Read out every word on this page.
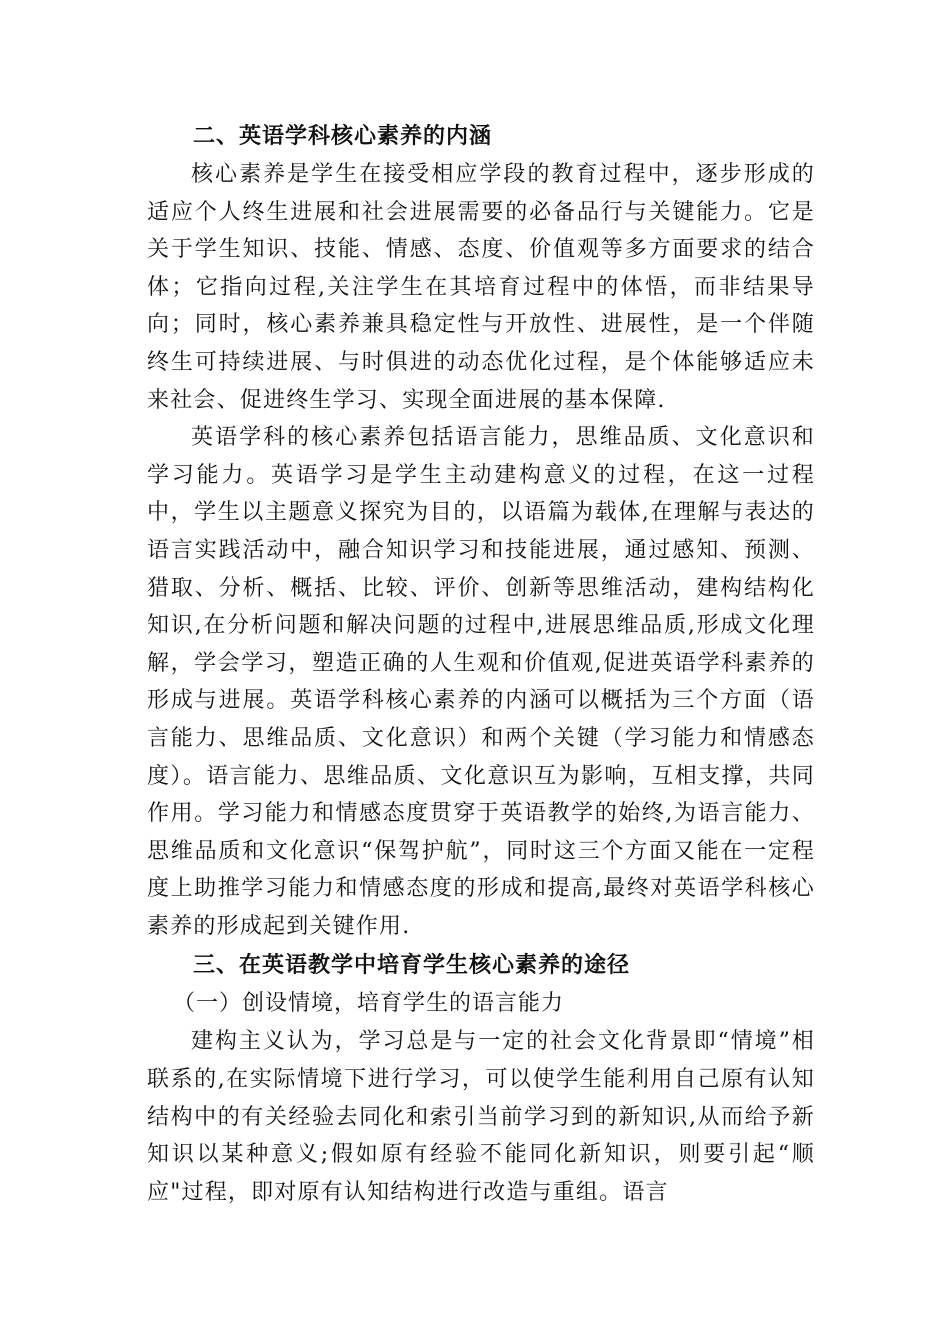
二、英语学科核心素养的内涵

核心素养是学生在接受相应学段的教育过程中，逐步形成的适应个人终生进展和社会进展需要的必备品行与关键能力。它是关于学生知识、技能、情感、态度、价值观等多方面要求的结合体；它指向过程,关注学生在其培育过程中的体悟，而非结果导向；同时，核心素养兼具稳定性与开放性、进展性，是一个伴随终生可持续进展、与时俱进的动态优化过程，是个体能够适应未来社会、促进终生学习、实现全面进展的基本保障.

英语学科的核心素养包括语言能力，思维品质、文化意识和学习能力。英语学习是学生主动建构意义的过程，在这一过程中，学生以主题意义探究为目的，以语篇为载体,在理解与表达的语言实践活动中，融合知识学习和技能进展，通过感知、预测、猎取、分析、概括、比较、评价、创新等思维活动，建构结构化知识,在分析问题和解决问题的过程中,进展思维品质,形成文化理解，学会学习，塑造正确的人生观和价值观,促进英语学科素养的形成与进展。英语学科核心素养的内涵可以概括为三个方面（语言能力、思维品质、文化意识）和两个关键（学习能力和情感态度）。语言能力、思维品质、文化意识互为影响，互相支撑，共同作用。学习能力和情感态度贯穿于英语教学的始终,为语言能力、思维品质和文化意识“保驾护航”，同时这三个方面又能在一定程度上助推学习能力和情感态度的形成和提高,最终对英语学科核心素养的形成起到关键作用.

三、在英语教学中培育学生核心素养的途径
（一）创设情境，培育学生的语言能力

建构主义认为，学习总是与一定的社会文化背景即“情境”相联系的,在实际情境下进行学习，可以使学生能利用自己原有认知结构中的有关经验去同化和索引当前学习到的新知识,从而给予新知识以某种意义;假如原有经验不能同化新知识，则要引起“顺应"过程，即对原有认知结构进行改造与重组。语言
